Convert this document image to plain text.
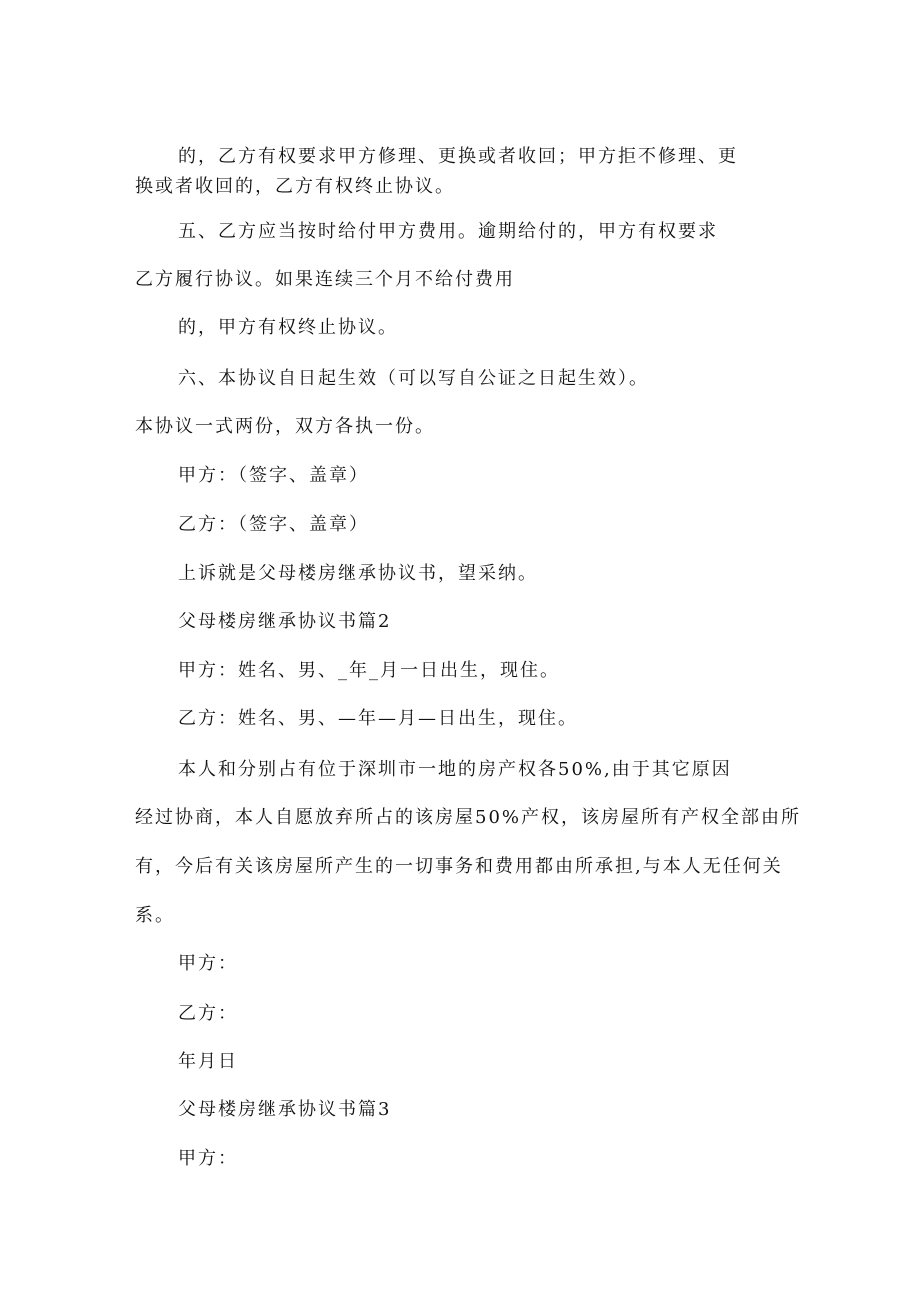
的，乙方有权要求甲方修理、更换或者收回；甲方拒不修理、更
换或者收回的，乙方有权终止协议。
五、乙方应当按时给付甲方费用。逾期给付的，甲方有权要求
乙方履行协议。如果连续三个月不给付费用
的，甲方有权终止协议。
六、本协议自日起生效（可以写自公证之日起生效）。
本协议一式两份，双方各执一份。
甲方：（签字、盖章）
乙方：（签字、盖章）
上诉就是父母楼房继承协议书，望采纳。
父母楼房继承协议书篇2
甲方：姓名、男、_年_月一日出生，现住。
乙方：姓名、男、—年—月—日出生，现住。
本人和分别占有位于深圳市一地的房产权各50%,由于其它原因
经过协商，本人自愿放弃所占的该房屋50%产权，该房屋所有产权全部由所
有，今后有关该房屋所产生的一切事务和费用都由所承担,与本人无任何关
系。
甲方：
乙方：
年月日
父母楼房继承协议书篇3
甲方：
